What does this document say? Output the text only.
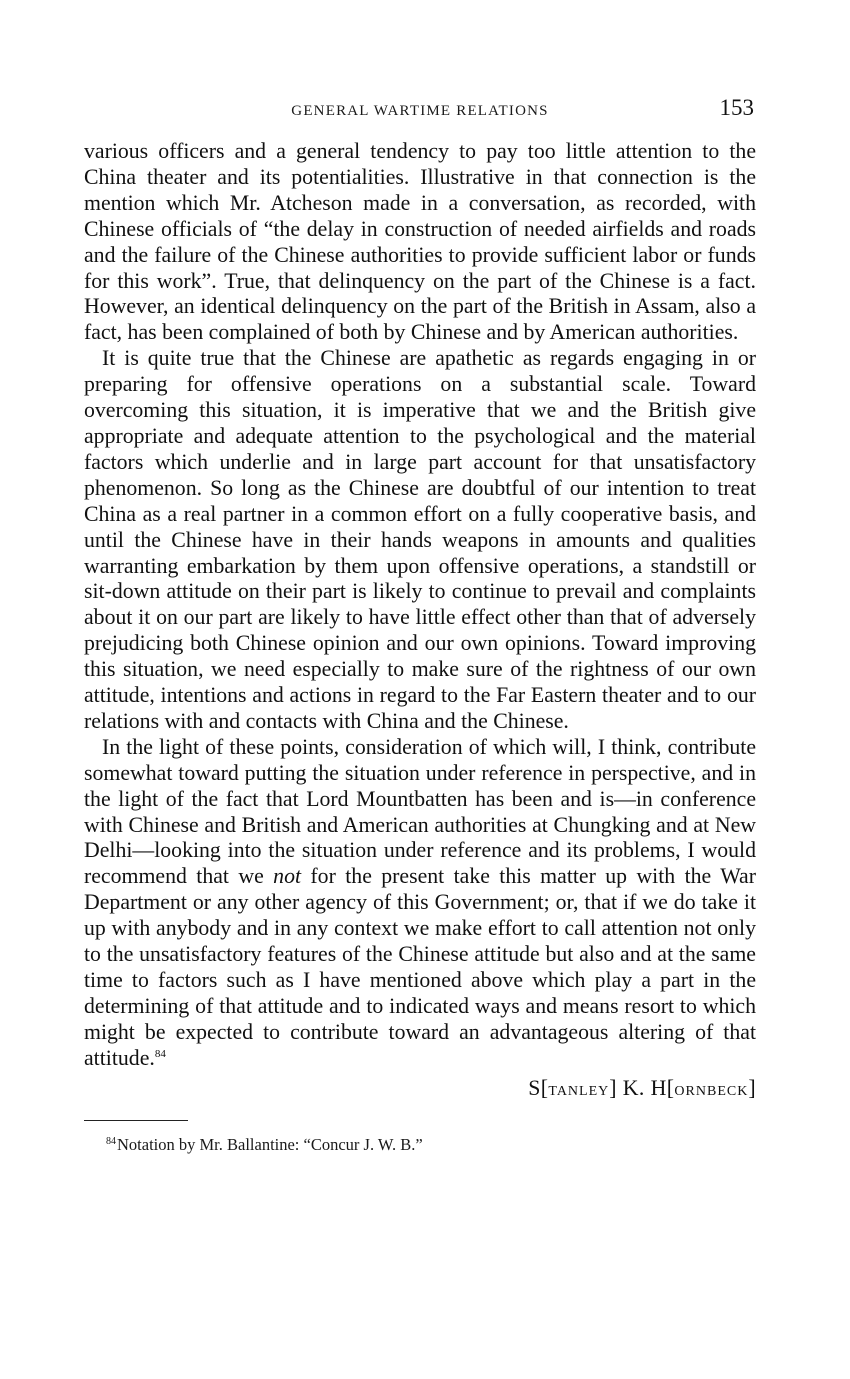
GENERAL WARTIME RELATIONS	153

various officers and a general tendency to pay too little attention to the China theater and its potentialities. Illustrative in that connection is the mention which Mr. Atcheson made in a conversation, as recorded, with Chinese officials of “the delay in construction of needed airfields and roads and the failure of the Chinese authorities to provide sufficient labor or funds for this work”. True, that delinquency on the part of the Chinese is a fact. However, an identical delinquency on the part of the British in Assam, also a fact, has been complained of both by Chinese and by American authorities.

It is quite true that the Chinese are apathetic as regards engaging in or preparing for offensive operations on a substantial scale. Toward overcoming this situation, it is imperative that we and the British give appropriate and adequate attention to the psychological and the material factors which underlie and in large part account for that unsatisfactory phenomenon. So long as the Chinese are doubtful of our intention to treat China as a real partner in a common effort on a fully cooperative basis, and until the Chinese have in their hands weapons in amounts and qualities warranting embarkation by them upon offensive operations, a standstill or sit-down attitude on their part is likely to continue to prevail and complaints about it on our part are likely to have little effect other than that of adversely prejudicing both Chinese opinion and our own opinions. Toward improving this situation, we need especially to make sure of the rightness of our own attitude, intentions and actions in regard to the Far Eastern theater and to our relations with and contacts with China and the Chinese.

In the light of these points, consideration of which will, I think, contribute somewhat toward putting the situation under reference in perspective, and in the light of the fact that Lord Mountbatten has been and is—in conference with Chinese and British and American authorities at Chungking and at New Delhi—looking into the situation under reference and its problems, I would recommend that we not for the present take this matter up with the War Department or any other agency of this Government; or, that if we do take it up with anybody and in any context we make effort to call attention not only to the unsatisfactory features of the Chinese attitude but also and at the same time to factors such as I have mentioned above which play a part in the determining of that attitude and to indicated ways and means resort to which might be expected to contribute toward an advantageous altering of that attitude.$^{84}$

S[TANLEY] K. H[ORNBECK]
$^{84}$Notation by Mr. Ballantine: “Concur J. W. B.”
